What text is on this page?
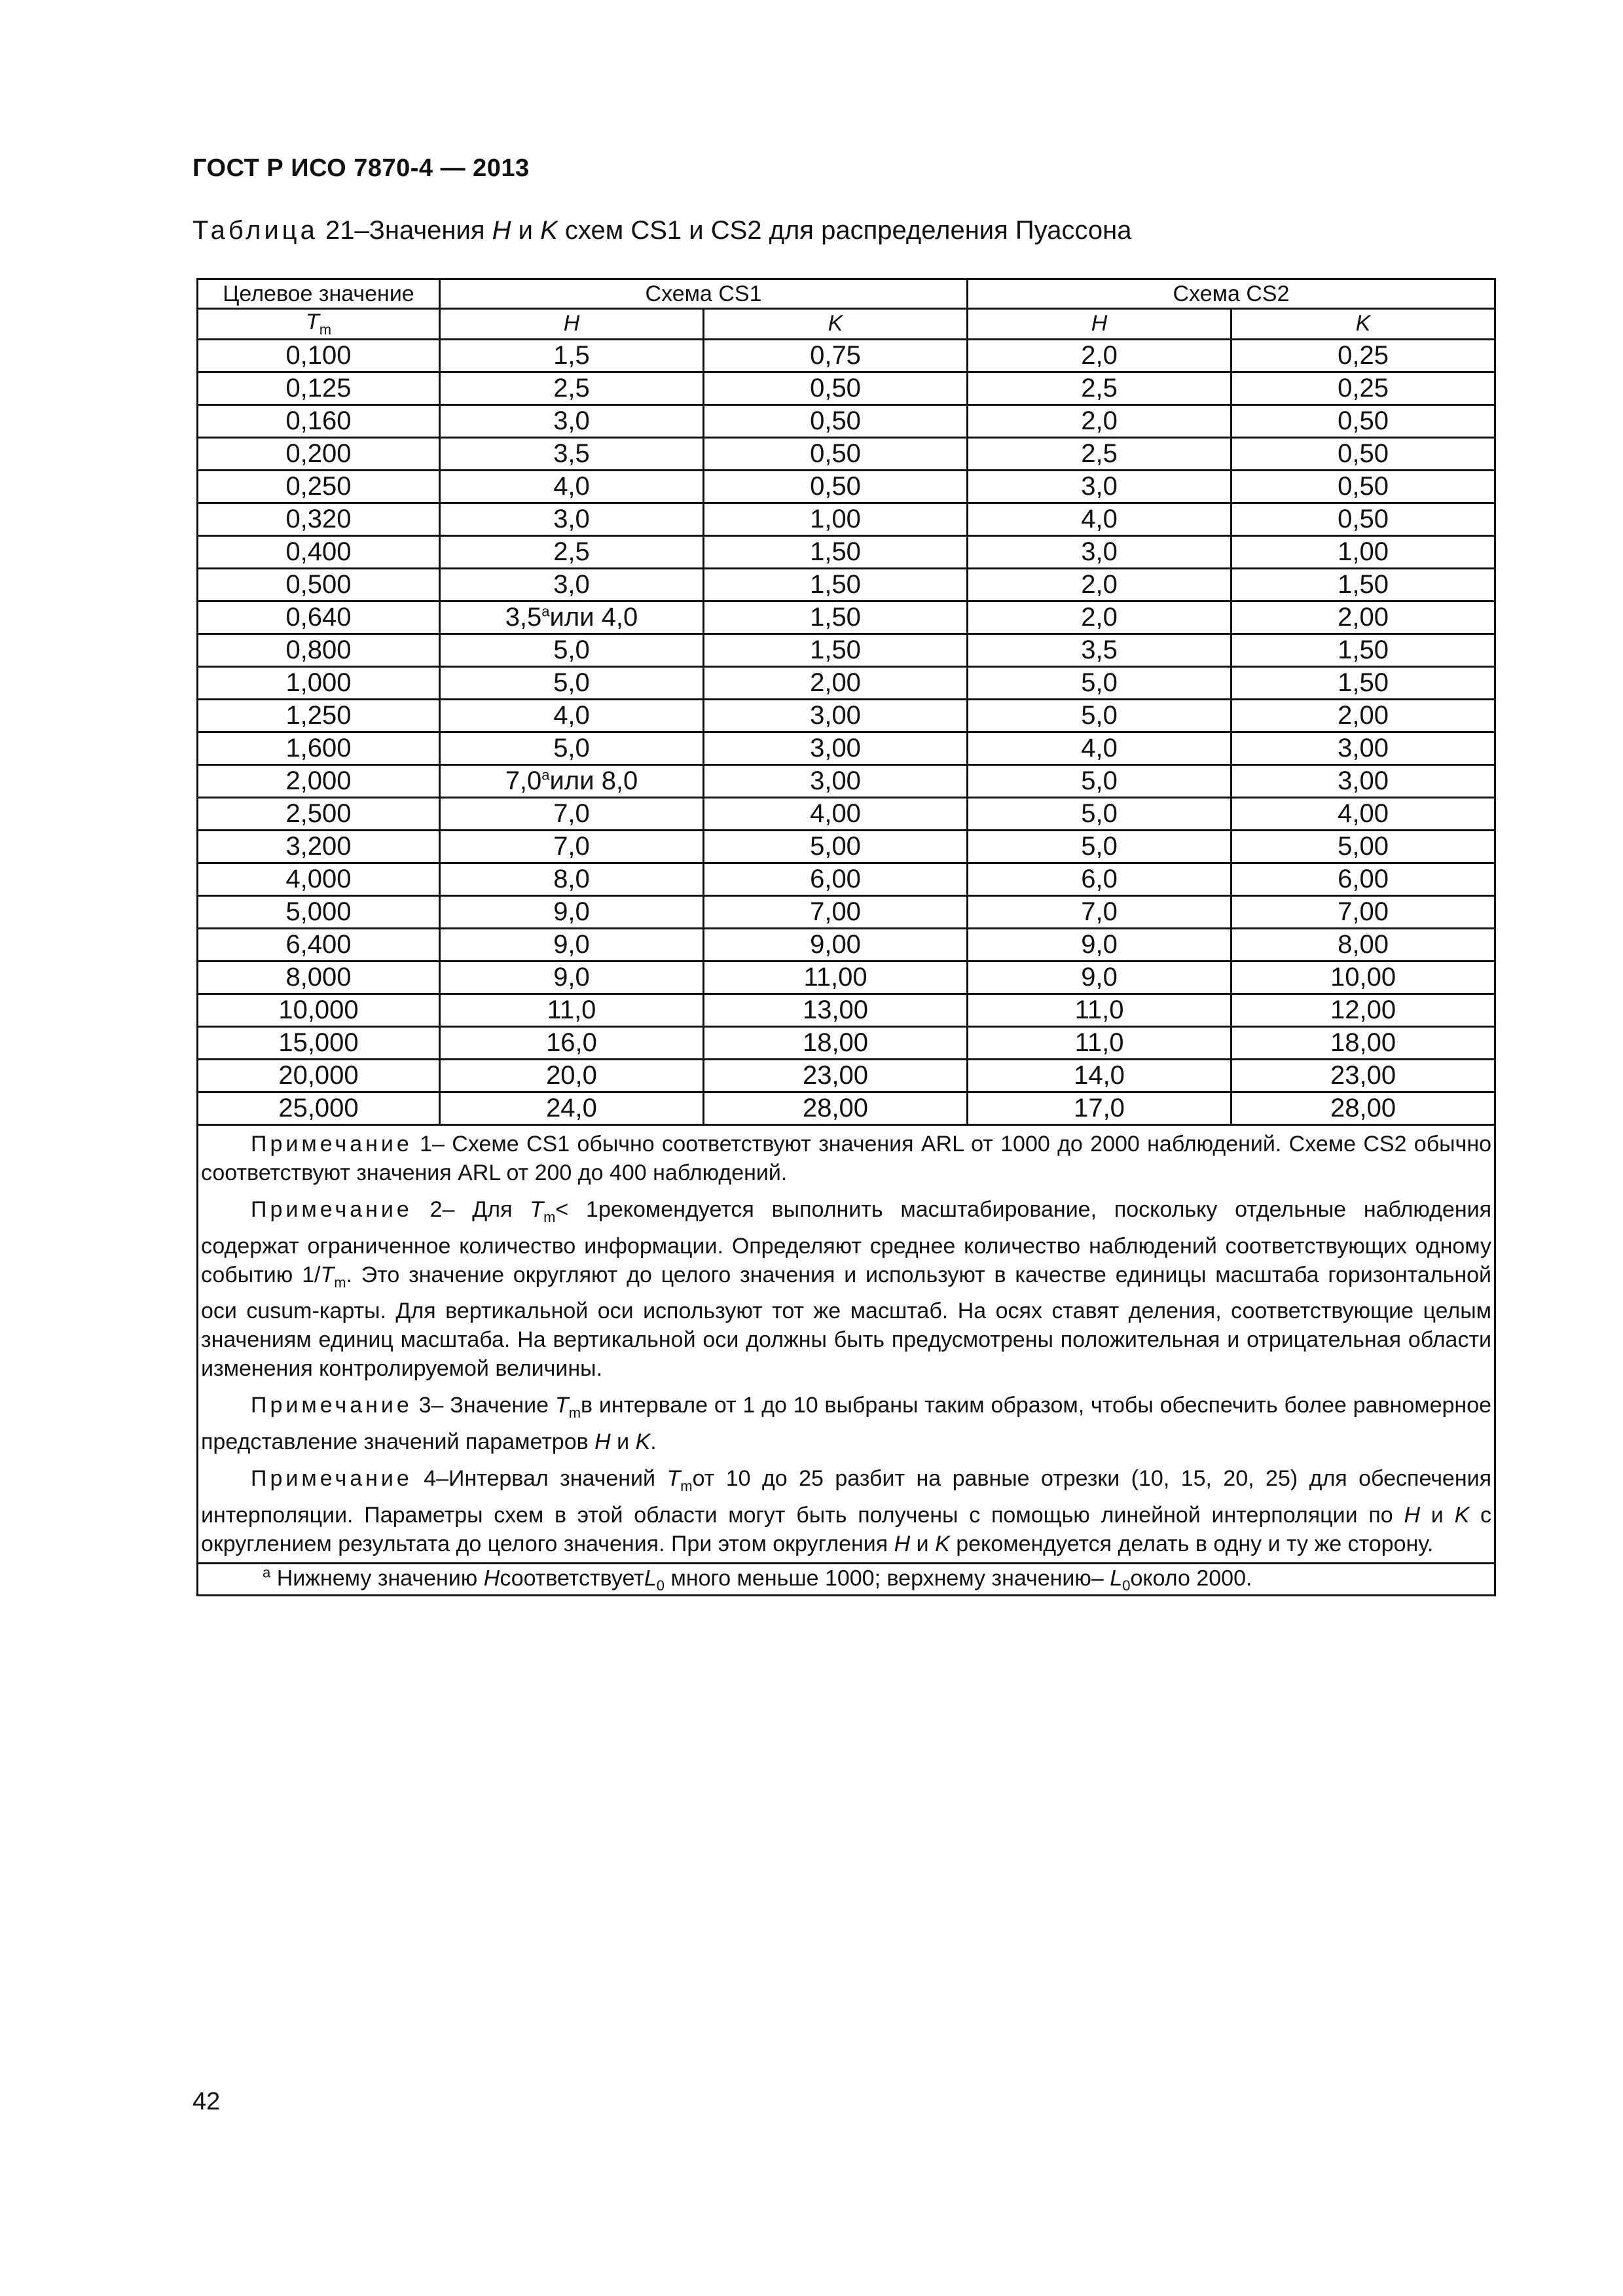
ГОСТ Р ИСО 7870-4 — 2013
Таблица 21–Значения H и K схем CS1 и CS2 для распределения Пуассона
Целевое значение	Схема CS1		Схема CS2	
$T_m$	H	K	H	K
0,100	1,5	0,75	2,0	0,25
0,125	2,5	0,50	2,5	0,25
0,160	3,0	0,50	2,0	0,50
0,200	3,5	0,50	2,5	0,50
0,250	4,0	0,50	3,0	0,50
0,320	3,0	1,00	4,0	0,50
0,400	2,5	1,50	3,0	1,00
0,500	3,0	1,50	2,0	1,50
0,640	3,5$^a$или 4,0	1,50	2,0	2,00
0,800	5,0	1,50	3,5	1,50
1,000	5,0	2,00	5,0	1,50
1,250	4,0	3,00	5,0	2,00
1,600	5,0	3,00	4,0	3,00
2,000	7,0$^a$или 8,0	3,00	5,0	3,00
2,500	7,0	4,00	5,0	4,00
3,200	7,0	5,00	5,0	5,00
4,000	8,0	6,00	6,0	6,00
5,000	9,0	7,00	7,0	7,00
6,400	9,0	9,00	9,0	8,00
8,000	9,0	11,00	9,0	10,00
10,000	11,0	13,00	11,0	12,00
15,000	16,0	18,00	11,0	18,00
20,000	20,0	23,00	14,0	23,00
25,000	24,0	28,00	17,0	28,00

Примечание 1– Схеме CS1 обычно соответствуют значения ARL от 1000 до 2000 наблюдений. Схеме CS2 обычно соответствуют значения ARL от 200 до 400 наблюдений.

Примечание 2– Для $T_m<$ 1рекомендуется выполнить масштабирование, поскольку отдельные наблюдения содержат ограниченное количество информации. Определяют среднее количество наблюдений соответствующих одному событию $1/T_m$. Это значение округляют до целого значения и используют в качестве единицы масштаба горизонтальной оси cusum-карты. Для вертикальной оси используют тот же масштаб. На осях ставят деления, соответствующие целым значениям единиц масштаба. На вертикальной оси должны быть предусмотрены положительная и отрицательная области изменения контролируемой величины.

Примечание 3– Значение $T_mв$ интервале от 1 до 10 выбраны таким образом, чтобы обеспечить более равномерное представление значений параметров H и K.

Примечание 4–Интервал значений $T_mот$ 10 до 25 разбит на равные отрезки (10, 15, 20, 25) для обеспечения интерполяции. Параметры схем в этой области могут быть получены с помощью линейной интерполяции по H и K с округлением результата до целого значения. При этом округления H и K рекомендуется делать в одну и ту же сторону.				

$^a$ Нижнему значению HсоответствуетL$_0$ много меньше 1000; верхнему значению– $L_0около$ 2000.				
42
